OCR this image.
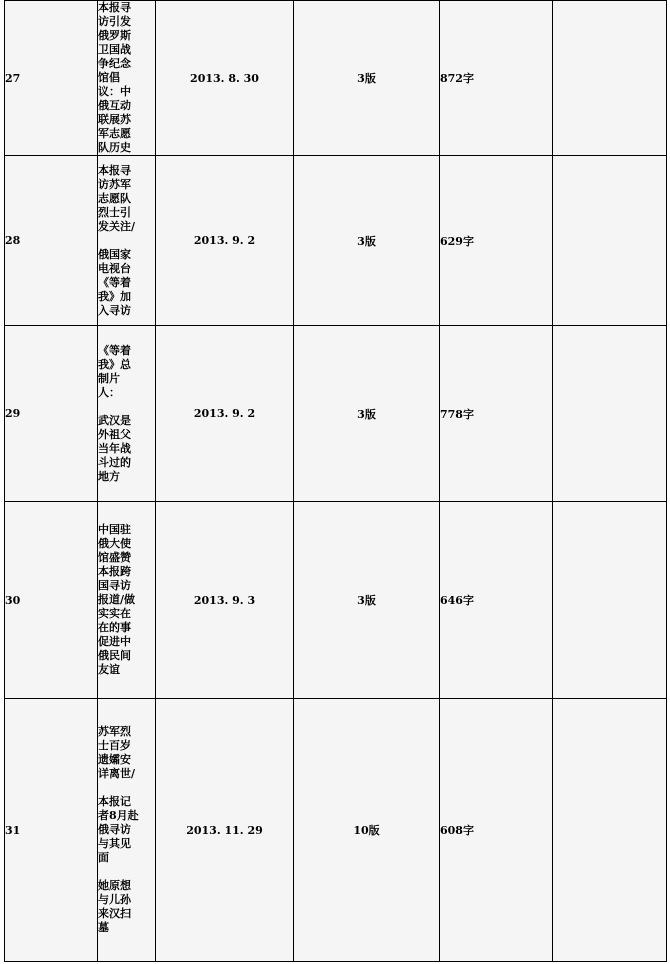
27	本报寻访引发俄罗斯卫国战争纪念馆倡议：中俄互动联展苏军志愿队历史	2013. 8. 30	3版	872字	
28	本报寻访苏军志愿队烈士引发关注/
俄国家电视台《等着我》加入寻访	2013. 9. 2	3版	629字	
29	《等着我》总制片人：
武汉是外祖父当年战斗过的地方	2013. 9. 2	3版	778字	
30	中国驻俄大使馆盛赞本报跨国寻访报道/做实实在在的事 促进中俄民间友谊	2013. 9. 3	3版	646字	
31	苏军烈士百岁遗孀安详离世/
本报记者8月赴俄寻访与其见面
她原想与儿孙来汉扫墓	2013. 11. 29	10版	608字	
